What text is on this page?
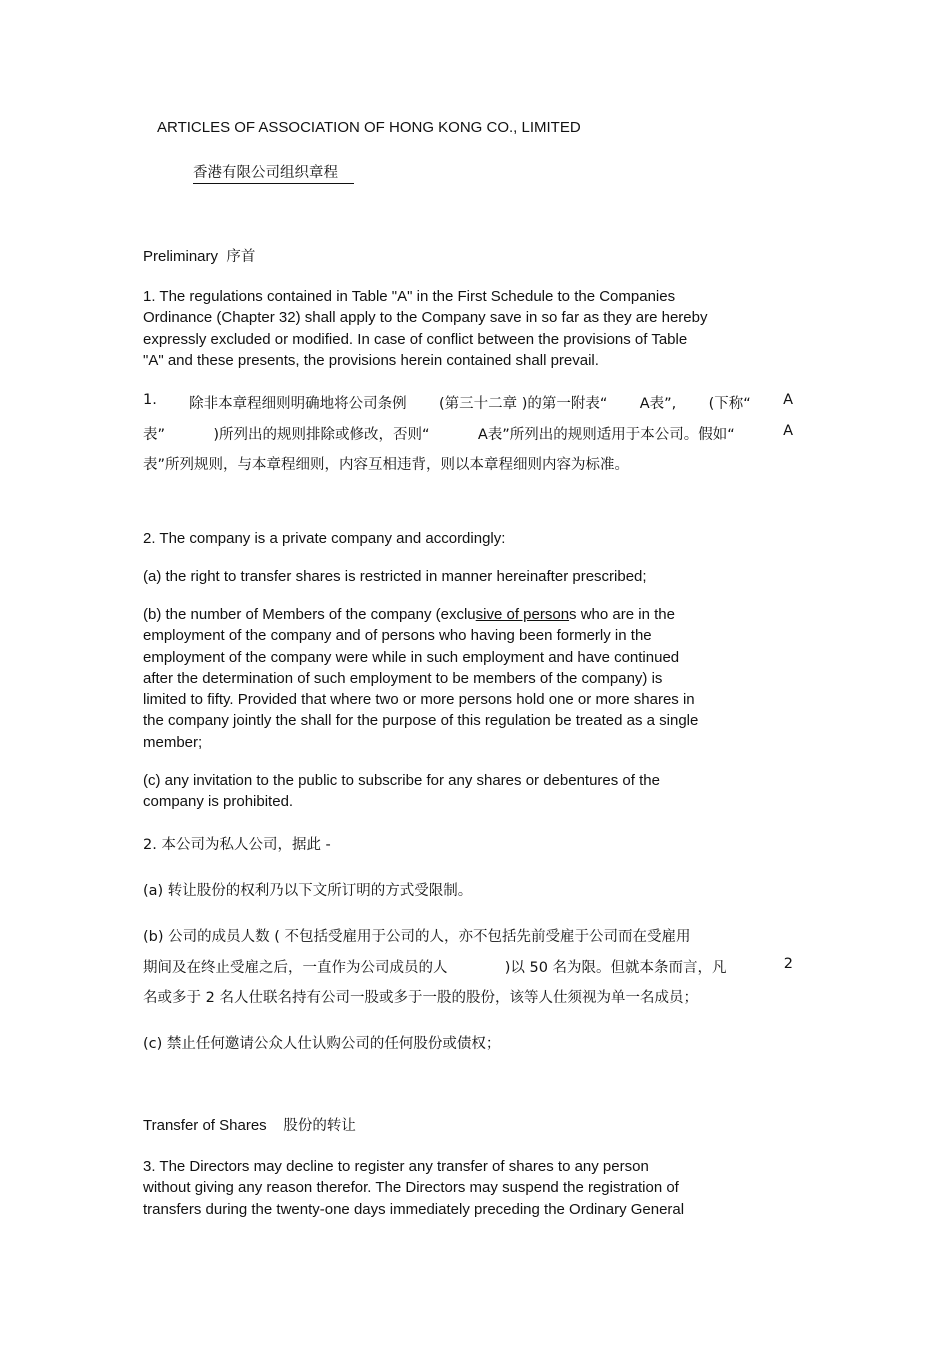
ARTICLES OF ASSOCIATION OF HONG KONG CO., LIMITED
香港有限公司组织章程
Preliminary 序首
1. The regulations contained in Table "A" in the First Schedule to the Companies
Ordinance (Chapter 32) shall apply to the Company save in so far as they are hereby
expressly excluded or modified. In case of conflict between the provisions of Table
"A" and these presents, the provisions herein contained shall prevail.
1. 除非本章程细则明确地将公司条例 (第三十二章 )的第一附表“ A表”, (下称“ A
表”	)所列出的规则排除或修改，否则“	A表”所列出的规则适用于本公司。假如“	A
表”所列规则，与本章程细则，内容互相违背，则以本章程细则内容为标准。
2. The company is a private company and accordingly:
(a) the right to transfer shares is restricted in manner hereinafter prescribed;
(b) the number of Members of the company (exclusive of persons who are in the
employment of the company and of persons who having been formerly in the
employment of the company were while in such employment and have continued
after the determination of such employment to be members of the company) is
limited to fifty. Provided that where two or more persons hold one or more shares in
the company jointly the shall for the purpose of this regulation be treated as a single
member;
(c) any invitation to the public to subscribe for any shares or debentures of the
company is prohibited.
2. 本公司为私人公司，据此 -
(a) 转让股份的权利乃以下文所订明的方式受限制。
(b) 公司的成员人数 ( 不包括受雇用于公司的人，亦不包括先前受雇于公司而在受雇用
期间及在终止受雇之后，一直作为公司成员的人	)以 50 名为限。但就本条而言，凡	2
名或多于 2 名人仕联名持有公司一股或多于一股的股份，该等人仕须视为单一名成员；
(c) 禁止任何邀请公众人仕认购公司的任何股份或债权；
Transfer of Shares 股份的转让
3. The Directors may decline to register any transfer of shares to any person
without giving any reason therefor. The Directors may suspend the registration of
transfers during the twenty-one days immediately preceding the Ordinary General
